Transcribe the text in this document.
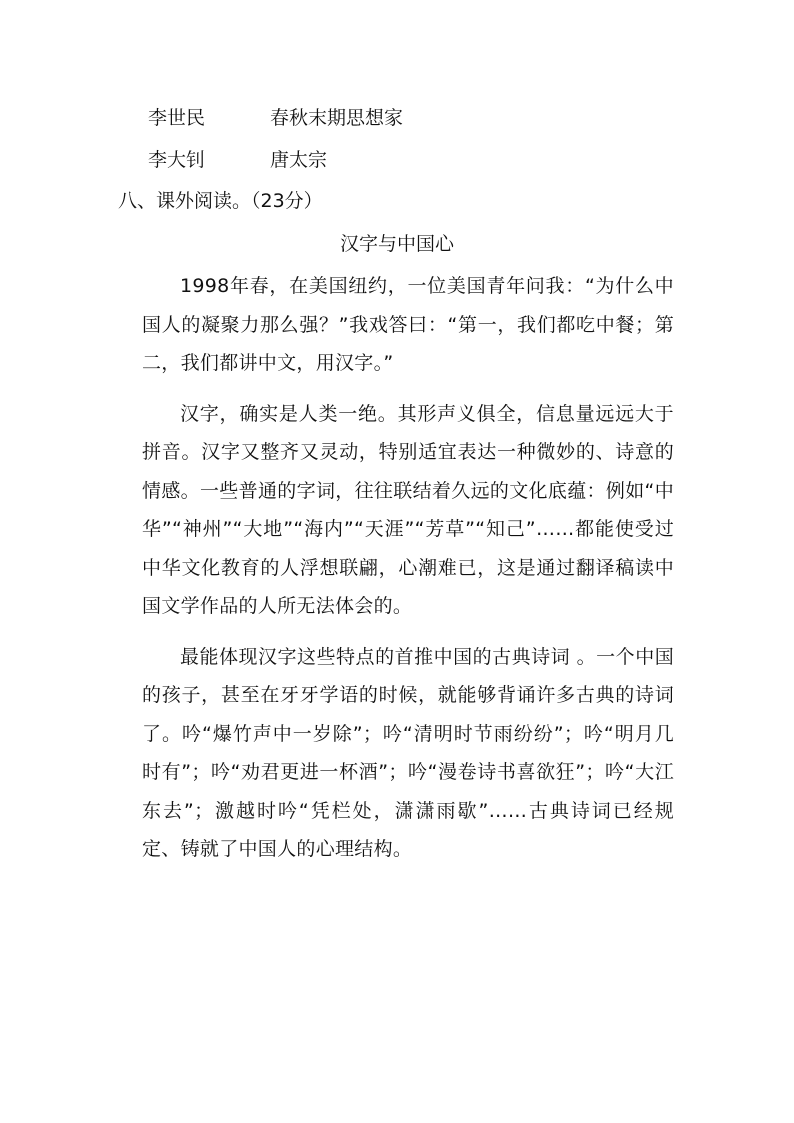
李世民	春秋末期思想家
李大钊	唐太宗
八、课外阅读。（23分）
汉字与中国心

1998年春，在美国纽约，一位美国青年问我：“为什么中国人的凝聚力那么强？”我戏答曰：“第一，我们都吃中餐；第二，我们都讲中文，用汉字。”

汉字，确实是人类一绝。其形声义俱全，信息量远远大于拼音。汉字又整齐又灵动，特别适宜表达一种微妙的、诗意的情感。一些普通的字词，往往联结着久远的文化底蕴：例如“中华”“神州”“大地”“海内”“天涯”“芳草”“知己”……都能使受过中华文化教育的人浮想联翩，心潮难已，这是通过翻译稿读中国文学作品的人所无法体会的。

最能体现汉字这些特点的首推中国的古典诗词 。一个中国的孩子，甚至在牙牙学语的时候，就能够背诵许多古典的诗词了。吟“爆竹声中一岁除”；吟“清明时节雨纷纷”；吟“明月几时有”；吟“劝君更进一杯酒”；吟“漫卷诗书喜欲狂”；吟“大江东去”；激越时吟“凭栏处，潇潇雨歇”……古典诗词已经规定、铸就了中国人的心理结构。
